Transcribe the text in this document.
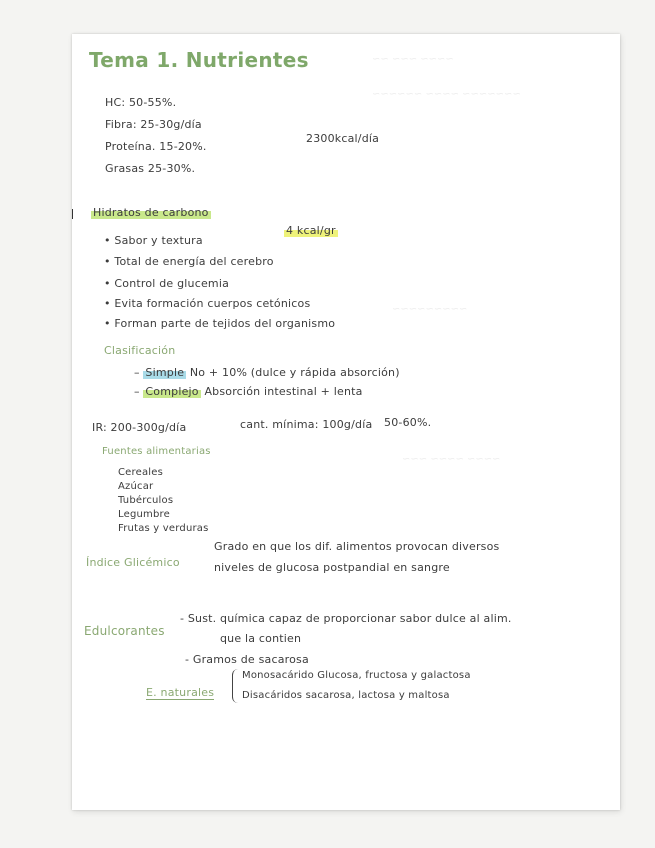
~~~~ ~~~ ~~
~~~~~~~ ~~~~ ~~~~~~
~~~~~~~~~
~~~~ ~~~~ ~~~
Tema 1. Nutrientes
HC: 50-55%.
Fibra: 25-30g/día
Proteína. 15-20%.
Grasas 25-30%.
2300kcal/día
Hidratos de carbono
4 kcal/gr
• Sabor y textura
• Total de energía del cerebro
• Control de glucemia
• Evita formación cuerpos cetónicos
• Forman parte de tejidos del organismo
Clasificación
– Simple No + 10% (dulce y rápida absorción)
– Complejo Absorción intestinal + lenta
IR: 200-300g/día	cant. mínima: 100g/día 50-60%.
Fuentes alimentarias
Cereales
Azúcar
Tubérculos
Legumbre
Frutas y verduras
Índice Glicémico
Grado en que los dif. alimentos provocan diversos
niveles de glucosa postpandial en sangre
Edulcorantes
- Sust. química capaz de proporcionar sabor dulce al alim.
que la contien
- Gramos de sacarosa
E. naturales
Monosacárido Glucosa, fructosa y galactosa
Disacáridos sacarosa, lactosa y maltosa
